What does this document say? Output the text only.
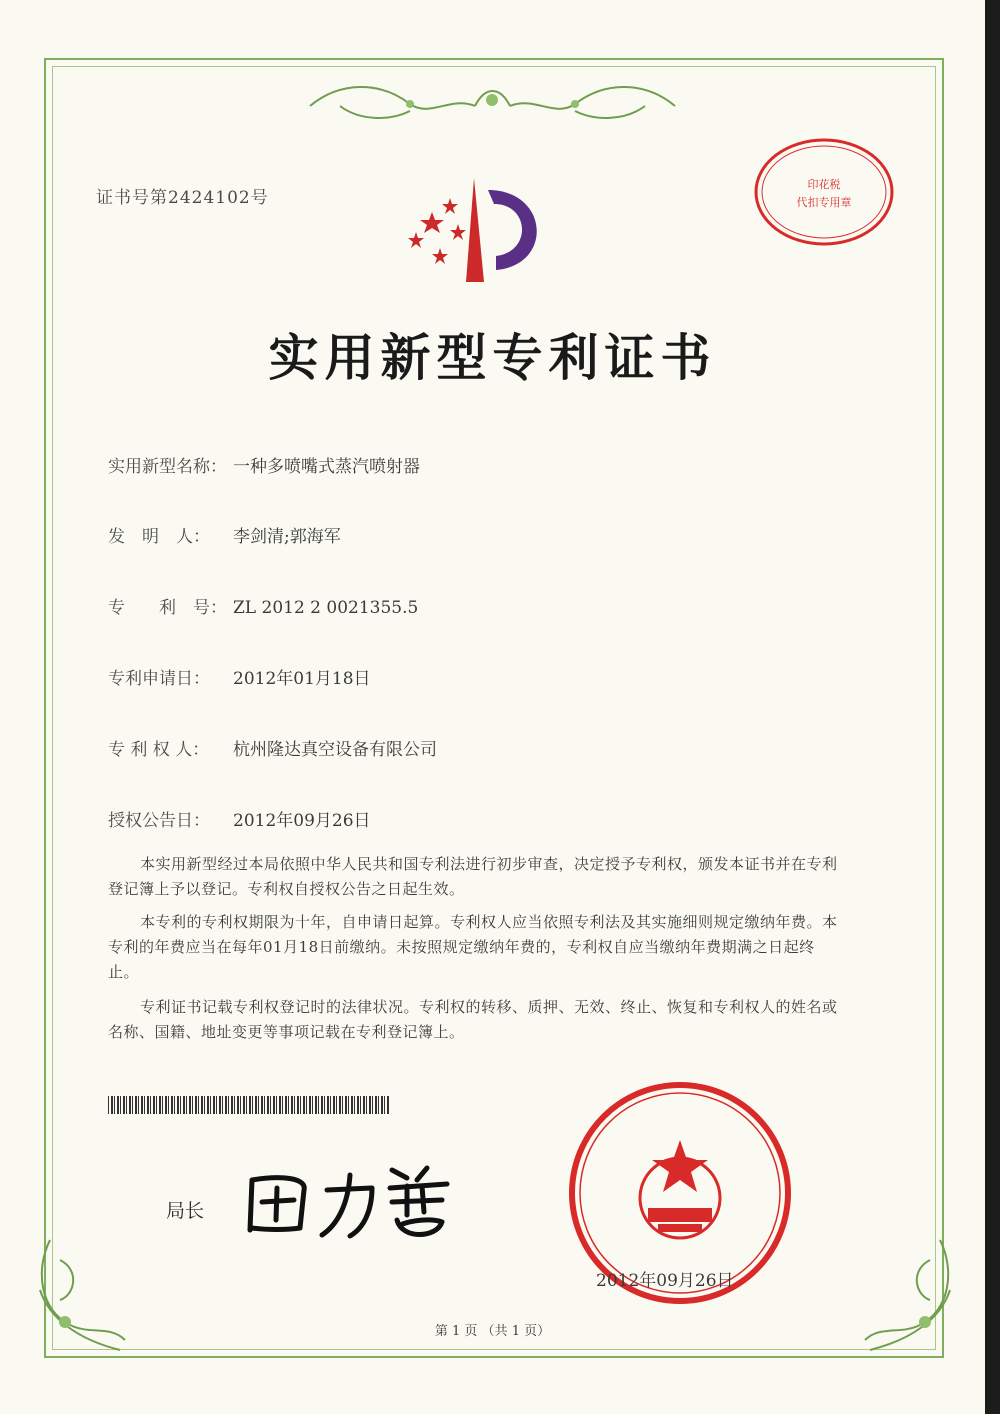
证书号第2424102号
印花税
代扣专用章
实用新型专利证书
实用新型名称： 一种多喷嘴式蒸汽喷射器
发　明　人： 李剑清;郭海军
专　　利　号： ZL 2012 2 0021355.5
专利申请日： 2012年01月18日
专 利 权 人： 杭州隆达真空设备有限公司
授权公告日： 2012年09月26日
本实用新型经过本局依照中华人民共和国专利法进行初步审查，决定授予专利权，颁发本证书并在专利登记簿上予以登记。专利权自授权公告之日起生效。
本专利的专利权期限为十年，自申请日起算。专利权人应当依照专利法及其实施细则规定缴纳年费。本专利的年费应当在每年01月18日前缴纳。未按照规定缴纳年费的，专利权自应当缴纳年费期满之日起终止。
专利证书记载专利权登记时的法律状况。专利权的转移、质押、无效、终止、恢复和专利权人的姓名或名称、国籍、地址变更等事项记载在专利登记簿上。
局长
2012年09月26日
第 1 页 （共 1 页）
